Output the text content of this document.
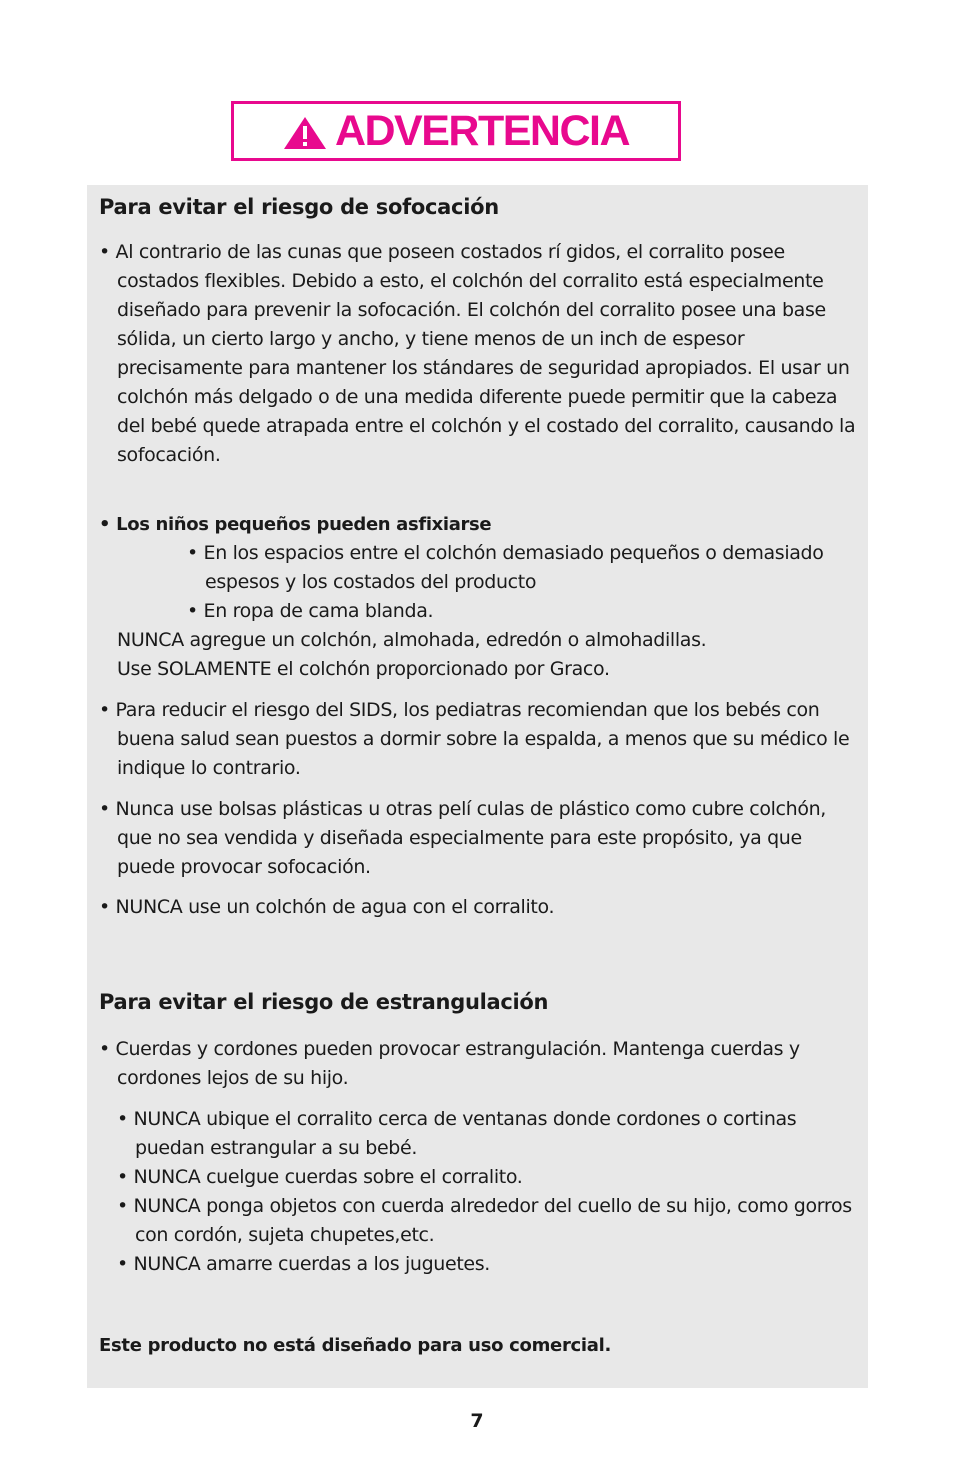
ADVERTENCIA
Para evitar el riesgo de sofocación

• Al contrario de las cunas que poseen costados rí gidos, el corralito posee costados flexibles. Debido a esto, el colchón del corralito está especialmente diseñado para prevenir la sofocación. El colchón del corralito posee una base sólida, un cierto largo y ancho, y tiene menos de un inch de espesor precisamente para mantener los stándares de seguridad apropiados. El usar un colchón más delgado o de una medida diferente puede permitir que la cabeza del bebé quede atrapada entre el colchón y el costado del corralito, causando la sofocación.

• Los niños pequeños pueden asfixiarse
• En los espacios entre el colchón demasiado pequeños o demasiado espesos y los costados del producto
• En ropa de cama blanda.
NUNCA agregue un colchón, almohada, edredón o almohadillas.
Use SOLAMENTE el colchón proporcionado por Graco.

• Para reducir el riesgo del SIDS, los pediatras recomiendan que los bebés con buena salud sean puestos a dormir sobre la espalda, a menos que su médico le indique lo contrario.

• Nunca use bolsas plásticas u otras pelí culas de plástico como cubre colchón, que no sea vendida y diseñada especialmente para este propósito, ya que puede provocar sofocación.

• NUNCA use un colchón de agua con el corralito.

Para evitar el riesgo de estrangulación

• Cuerdas y cordones pueden provocar estrangulación. Mantenga cuerdas y cordones lejos de su hijo.

• NUNCA ubique el corralito cerca de ventanas donde cordones o cortinas puedan estrangular a su bebé.
• NUNCA cuelgue cuerdas sobre el corralito.
• NUNCA ponga objetos con cuerda alrededor del cuello de su hijo, como gorros con cordón, sujeta chupetes,etc.
• NUNCA amarre cuerdas a los juguetes.

Este producto no está diseñado para uso comercial.

7
